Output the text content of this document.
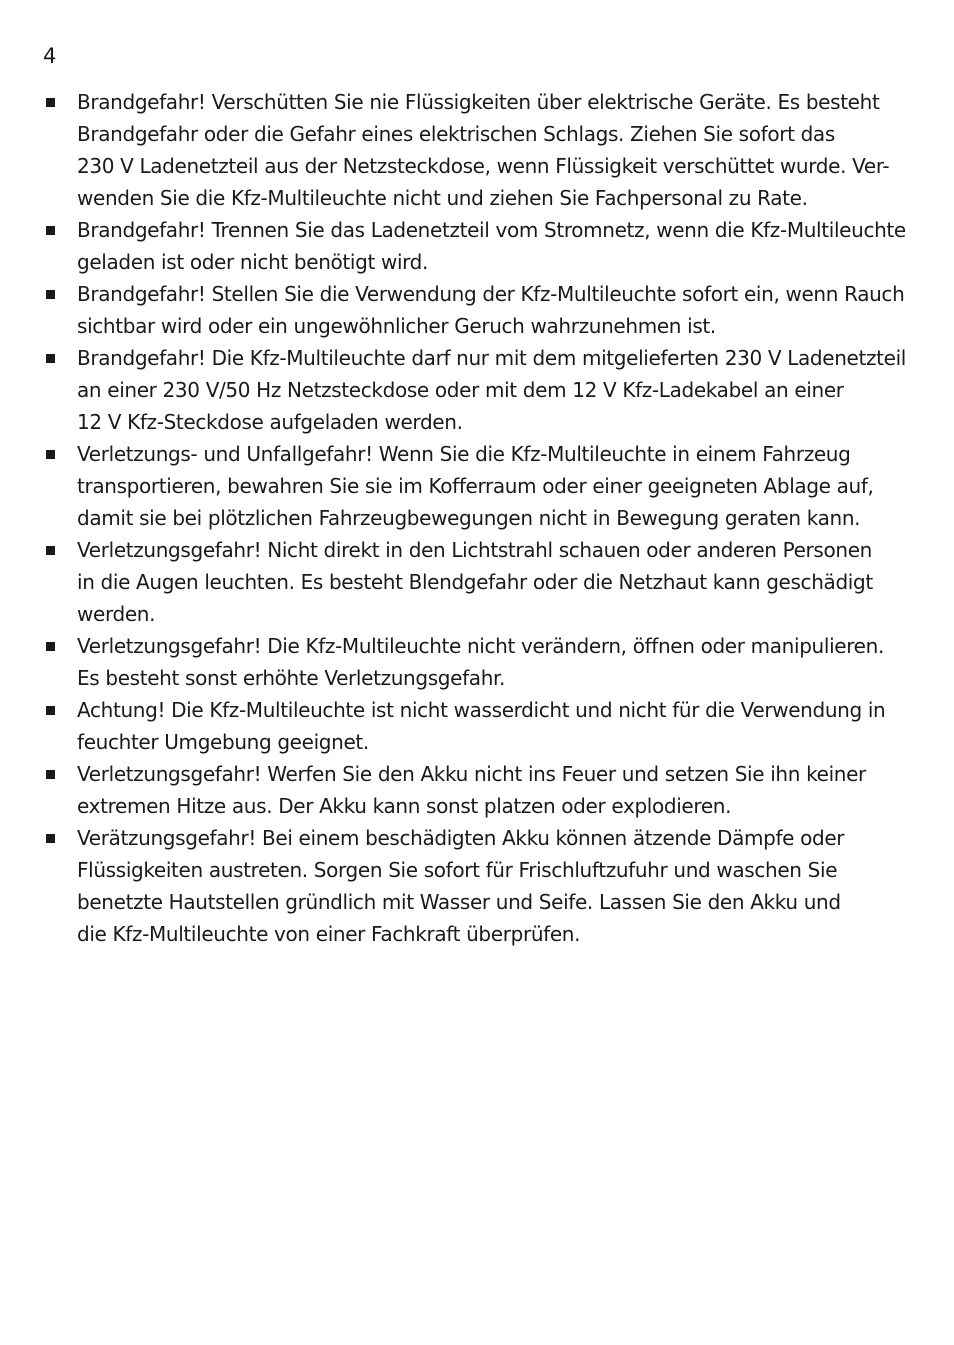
4
Brandgefahr! Verschütten Sie nie Flüssigkeiten über elektrische Geräte. Es besteht
Brandgefahr oder die Gefahr eines elektrischen Schlags. Ziehen Sie sofort das
230 V Ladenetzteil aus der Netzsteckdose, wenn Flüssigkeit verschüttet wurde. Ver-
wenden Sie die Kfz-Multileuchte nicht und ziehen Sie Fachpersonal zu Rate.
Brandgefahr! Trennen Sie das Ladenetzteil vom Stromnetz, wenn die Kfz-Multileuchte
geladen ist oder nicht benötigt wird.
Brandgefahr! Stellen Sie die Verwendung der Kfz-Multileuchte sofort ein, wenn Rauch
sichtbar wird oder ein ungewöhnlicher Geruch wahrzunehmen ist.
Brandgefahr! Die Kfz-Multileuchte darf nur mit dem mitgelieferten 230 V Ladenetzteil
an einer 230 V/50 Hz Netzsteckdose oder mit dem 12 V Kfz-Ladekabel an einer
12 V Kfz-Steckdose aufgeladen werden.
Verletzungs- und Unfallgefahr! Wenn Sie die Kfz-Multileuchte in einem Fahrzeug
transportieren, bewahren Sie sie im Kofferraum oder einer geeigneten Ablage auf,
damit sie bei plötzlichen Fahrzeugbewegungen nicht in Bewegung geraten kann.
Verletzungsgefahr! Nicht direkt in den Lichtstrahl schauen oder anderen Personen
in die Augen leuchten. Es besteht Blendgefahr oder die Netzhaut kann geschädigt
werden.
Verletzungsgefahr! Die Kfz-Multileuchte nicht verändern, öffnen oder manipulieren.
Es besteht sonst erhöhte Verletzungsgefahr.
Achtung! Die Kfz-Multileuchte ist nicht wasserdicht und nicht für die Verwendung in
feuchter Umgebung geeignet.
Verletzungsgefahr! Werfen Sie den Akku nicht ins Feuer und setzen Sie ihn keiner
extremen Hitze aus. Der Akku kann sonst platzen oder explodieren.
Verätzungsgefahr! Bei einem beschädigten Akku können ätzende Dämpfe oder
Flüssigkeiten austreten. Sorgen Sie sofort für Frischluftzufuhr und waschen Sie
benetzte Hautstellen gründlich mit Wasser und Seife. Lassen Sie den Akku und
die Kfz-Multileuchte von einer Fachkraft überprüfen.
